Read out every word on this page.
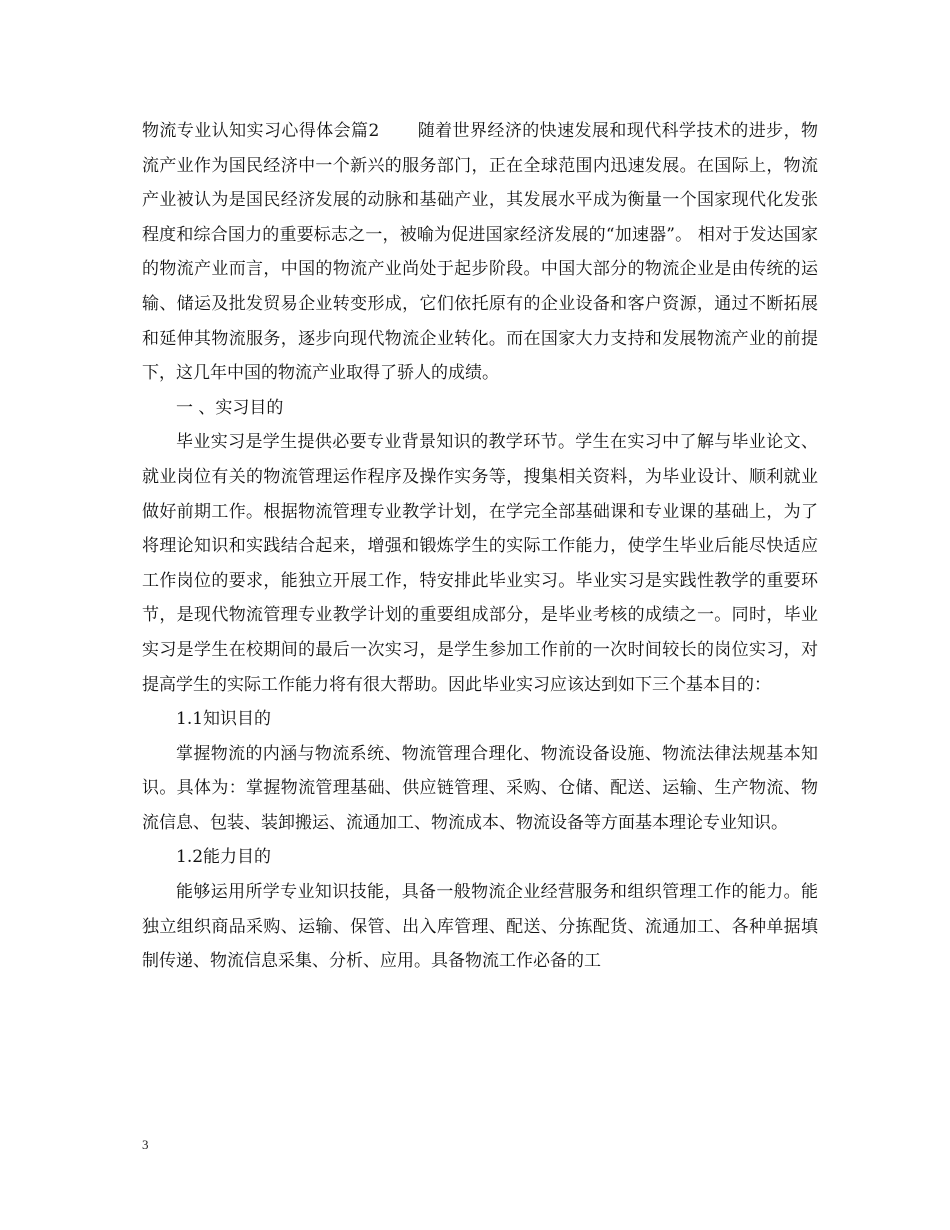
物流专业认知实习心得体会篇2 随着世界经济的快速发展和现代科学技术的进步，物流产业作为国民经济中一个新兴的服务部门，正在全球范围内迅速发展。在国际上，物流产业被认为是国民经济发展的动脉和基础产业，其发展水平成为衡量一个国家现代化发张程度和综合国力的重要标志之一，被喻为促进国家经济发展的“加速器”。 相对于发达国家的物流产业而言，中国的物流产业尚处于起步阶段。中国大部分的物流企业是由传统的运输、储运及批发贸易企业转变形成，它们依托原有的企业设备和客户资源，通过不断拓展和延伸其物流服务，逐步向现代物流企业转化。而在国家大力支持和发展物流产业的前提下，这几年中国的物流产业取得了骄人的成绩。

一 、实习目的

毕业实习是学生提供必要专业背景知识的教学环节。学生在实习中了解与毕业论文、就业岗位有关的物流管理运作程序及操作实务等，搜集相关资料，为毕业设计、顺利就业做好前期工作。根据物流管理专业教学计划，在学完全部基础课和专业课的基础上，为了将理论知识和实践结合起来，增强和锻炼学生的实际工作能力，使学生毕业后能尽快适应工作岗位的要求，能独立开展工作，特安排此毕业实习。毕业实习是实践性教学的重要环节，是现代物流管理专业教学计划的重要组成部分，是毕业考核的成绩之一。同时，毕业实习是学生在校期间的最后一次实习，是学生参加工作前的一次时间较长的岗位实习，对提高学生的实际工作能力将有很大帮助。因此毕业实习应该达到如下三个基本目的：

1.1知识目的

掌握物流的内涵与物流系统、物流管理合理化、物流设备设施、物流法律法规基本知识。具体为：掌握物流管理基础、供应链管理、采购、仓储、配送、运输、生产物流、物流信息、包装、装卸搬运、流通加工、物流成本、物流设备等方面基本理论专业知识。

1.2能力目的

能够运用所学专业知识技能，具备一般物流企业经营服务和组织管理工作的能力。能独立组织商品采购、运输、保管、出入库管理、配送、分拣配货、流通加工、各种单据填制传递、物流信息采集、分析、应用。具备物流工作必备的工

3
